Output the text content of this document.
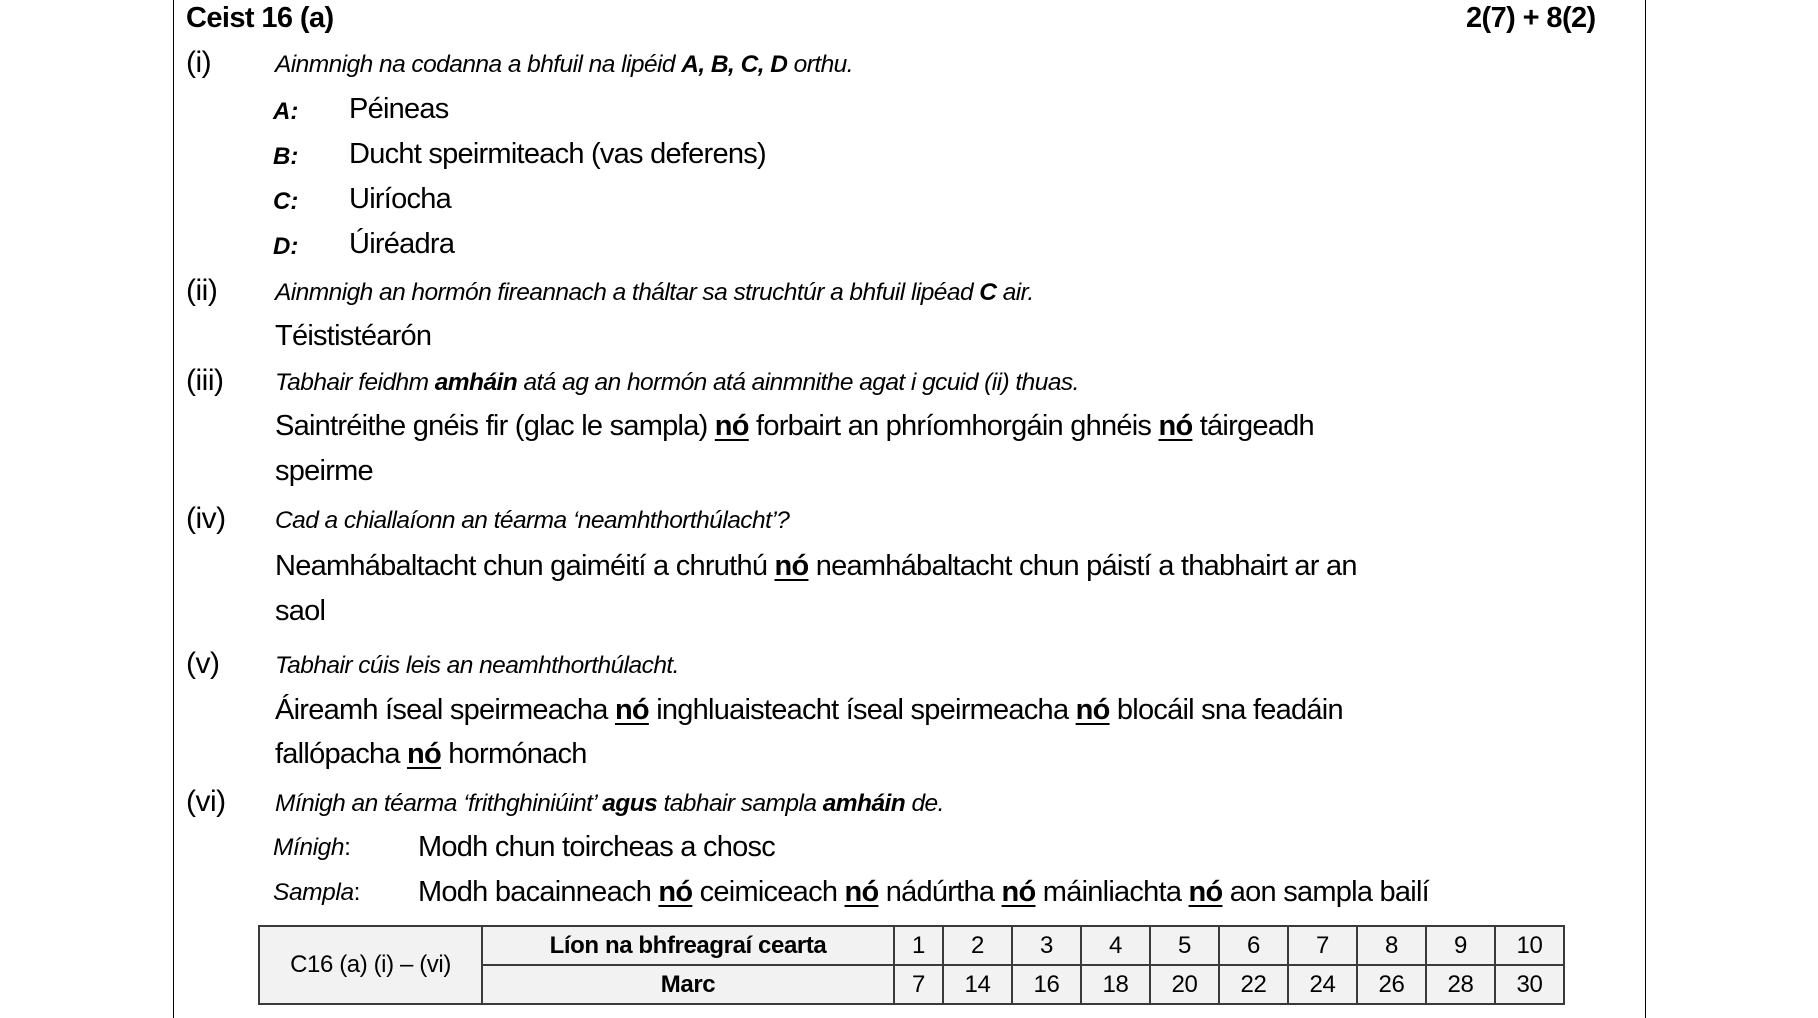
Ceist 16 (a)	2(7) + 8(2)
(i)	Ainmnigh na codanna a bhfuil na lipéid A, B, C, D orthu.
A: Péineas
B: Ducht speirmiteach (vas deferens)
C: Uiríocha
D: Úiréadra
(ii) Ainmnigh an hormón fireannach a tháltar sa struchtúr a bhfuil lipéad C air.
Téististéarón
(iii) Tabhair feidhm amháin atá ag an hormón atá ainmnithe agat i gcuid (ii) thuas.
Saintréithe gnéis fir (glac le sampla) nó forbairt an phríomhorgáin ghnéis nó táirgeadh
speirme
(iv) Cad a chiallaíonn an téarma ‘neamhthorthúlacht’?
Neamhábaltacht chun gaiméití a chruthú nó neamhábaltacht chun páistí a thabhairt ar an
saol
(v) Tabhair cúis leis an neamhthorthúlacht.
Áireamh íseal speirmeacha nó inghluaisteacht íseal speirmeacha nó blocáil sna feadáin
fallópacha nó hormónach
(vi) Mínigh an téarma ‘frithghiniúint’ agus tabhair sampla amháin de.
Mínigh: Modh chun toircheas a chosc
Sampla: Modh bacainneach nó ceimiceach nó nádúrtha nó máinliachta nó aon sampla bailí
C16 (a) (i) – (vi)	Líon na bhfreagraí cearta	1	2	3	4	5	6	7	8	9	10
	Marc	7	14	16	18	20	22	24	26	28	30
